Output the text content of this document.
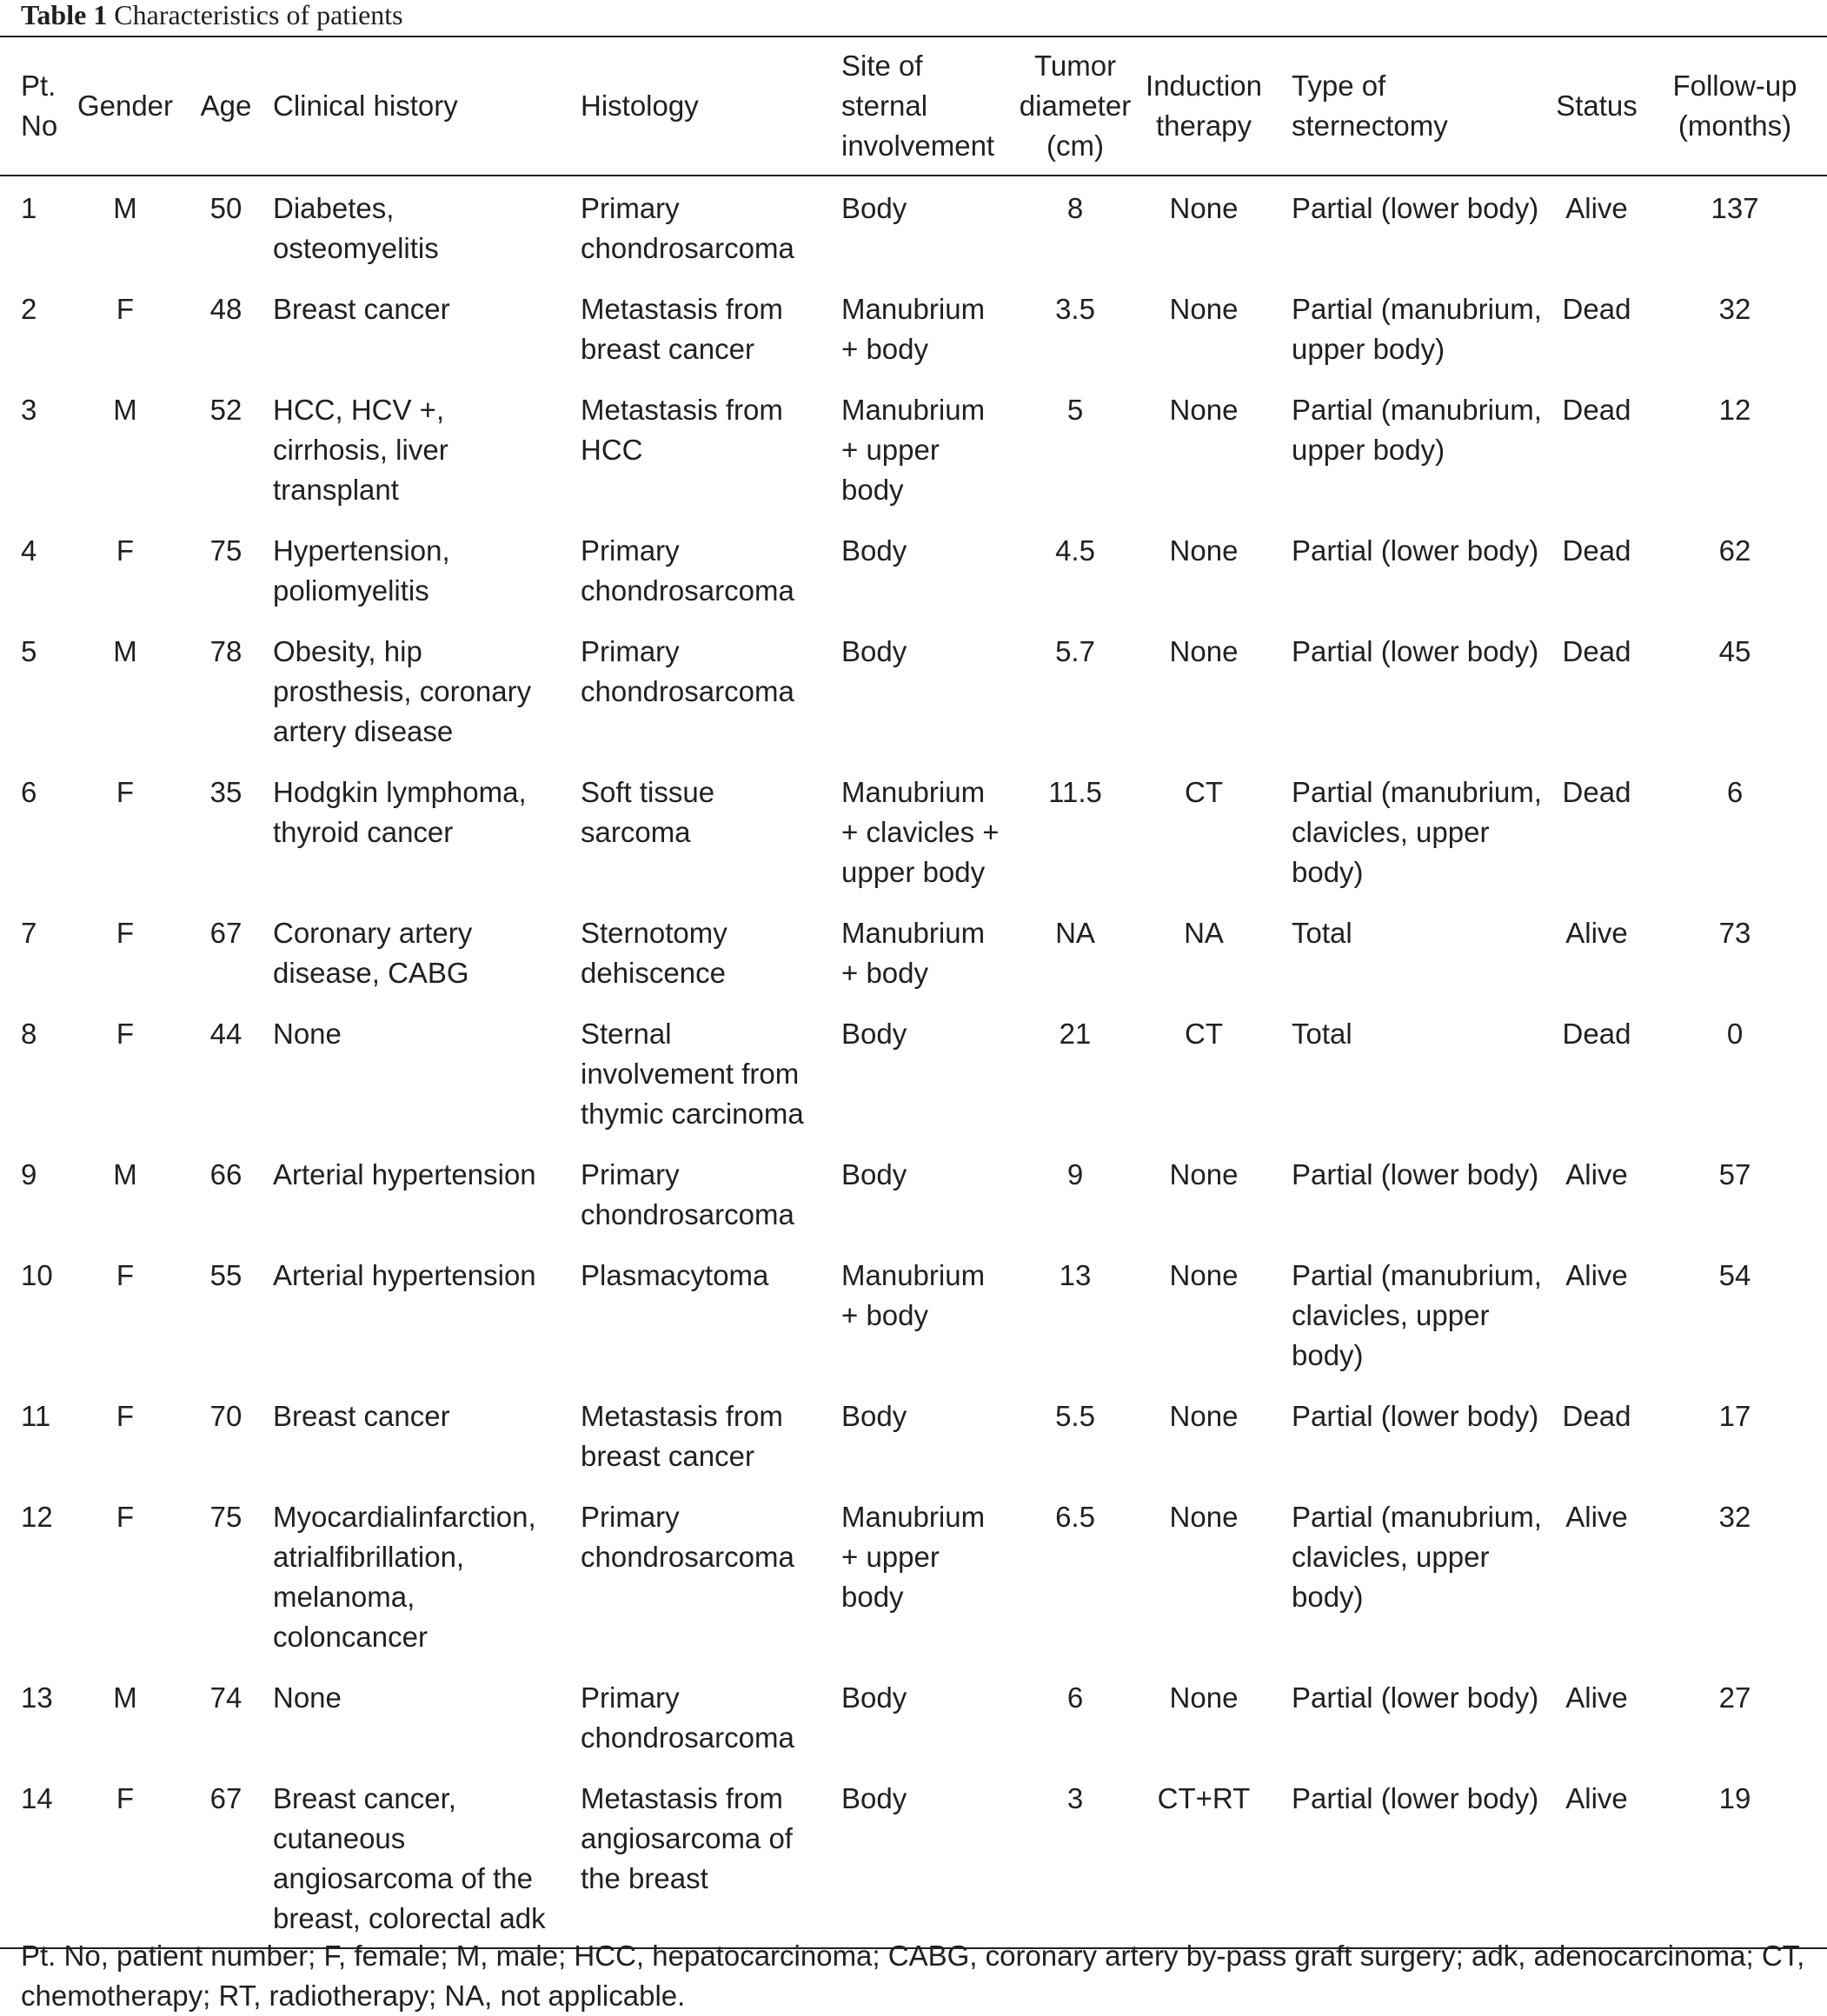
Table 1 Characteristics of patients
Pt. No	Gender	Age	Clinical history	Histology	Site of sternal involvement	Tumor diameter (cm)	Induction therapy	Type of sternectomy	Status	Follow-up (months)
1	M	50	Diabetes, osteomyelitis	Primary chondrosarcoma	Body	8	None	Partial (lower body)	Alive	137
2	F	48	Breast cancer	Metastasis from breast cancer	Manubrium + body	3.5	None	Partial (manubrium, upper body)	Dead	32
3	M	52	HCC, HCV +, cirrhosis, liver transplant	Metastasis from HCC	Manubrium + upper body	5	None	Partial (manubrium, upper body)	Dead	12
4	F	75	Hypertension, poliomyelitis	Primary chondrosarcoma	Body	4.5	None	Partial (lower body)	Dead	62
5	M	78	Obesity, hip prosthesis, coronary artery disease	Primary chondrosarcoma	Body	5.7	None	Partial (lower body)	Dead	45
6	F	35	Hodgkin lymphoma, thyroid cancer	Soft tissue sarcoma	Manubrium + clavicles + upper body	11.5	CT	Partial (manubrium, clavicles, upper body)	Dead	6
7	F	67	Coronary artery disease, CABG	Sternotomy dehiscence	Manubrium + body	NA	NA	Total	Alive	73
8	F	44	None	Sternal involvement from thymic carcinoma	Body	21	CT	Total	Dead	0
9	M	66	Arterial hypertension	Primary chondrosarcoma	Body	9	None	Partial (lower body)	Alive	57
10	F	55	Arterial hypertension	Plasmacytoma	Manubrium + body	13	None	Partial (manubrium, clavicles, upper body)	Alive	54
11	F	70	Breast cancer	Metastasis from breast cancer	Body	5.5	None	Partial (lower body)	Dead	17
12	F	75	Myocardialinfarction, atrialfibrillation, melanoma, coloncancer	Primary chondrosarcoma	Manubrium + upper body	6.5	None	Partial (manubrium, clavicles, upper body)	Alive	32
13	M	74	None	Primary chondrosarcoma	Body	6	None	Partial (lower body)	Alive	27
14	F	67	Breast cancer, cutaneous angiosarcoma of the breast, colorectal adk	Metastasis from angiosarcoma of the breast	Body	3	CT+RT	Partial (lower body)	Alive	19
Pt. No, patient number; F, female; M, male; HCC, hepatocarcinoma; CABG, coronary artery by-pass graft surgery; adk, adenocarcinoma; CT, chemotherapy; RT, radiotherapy; NA, not applicable.
